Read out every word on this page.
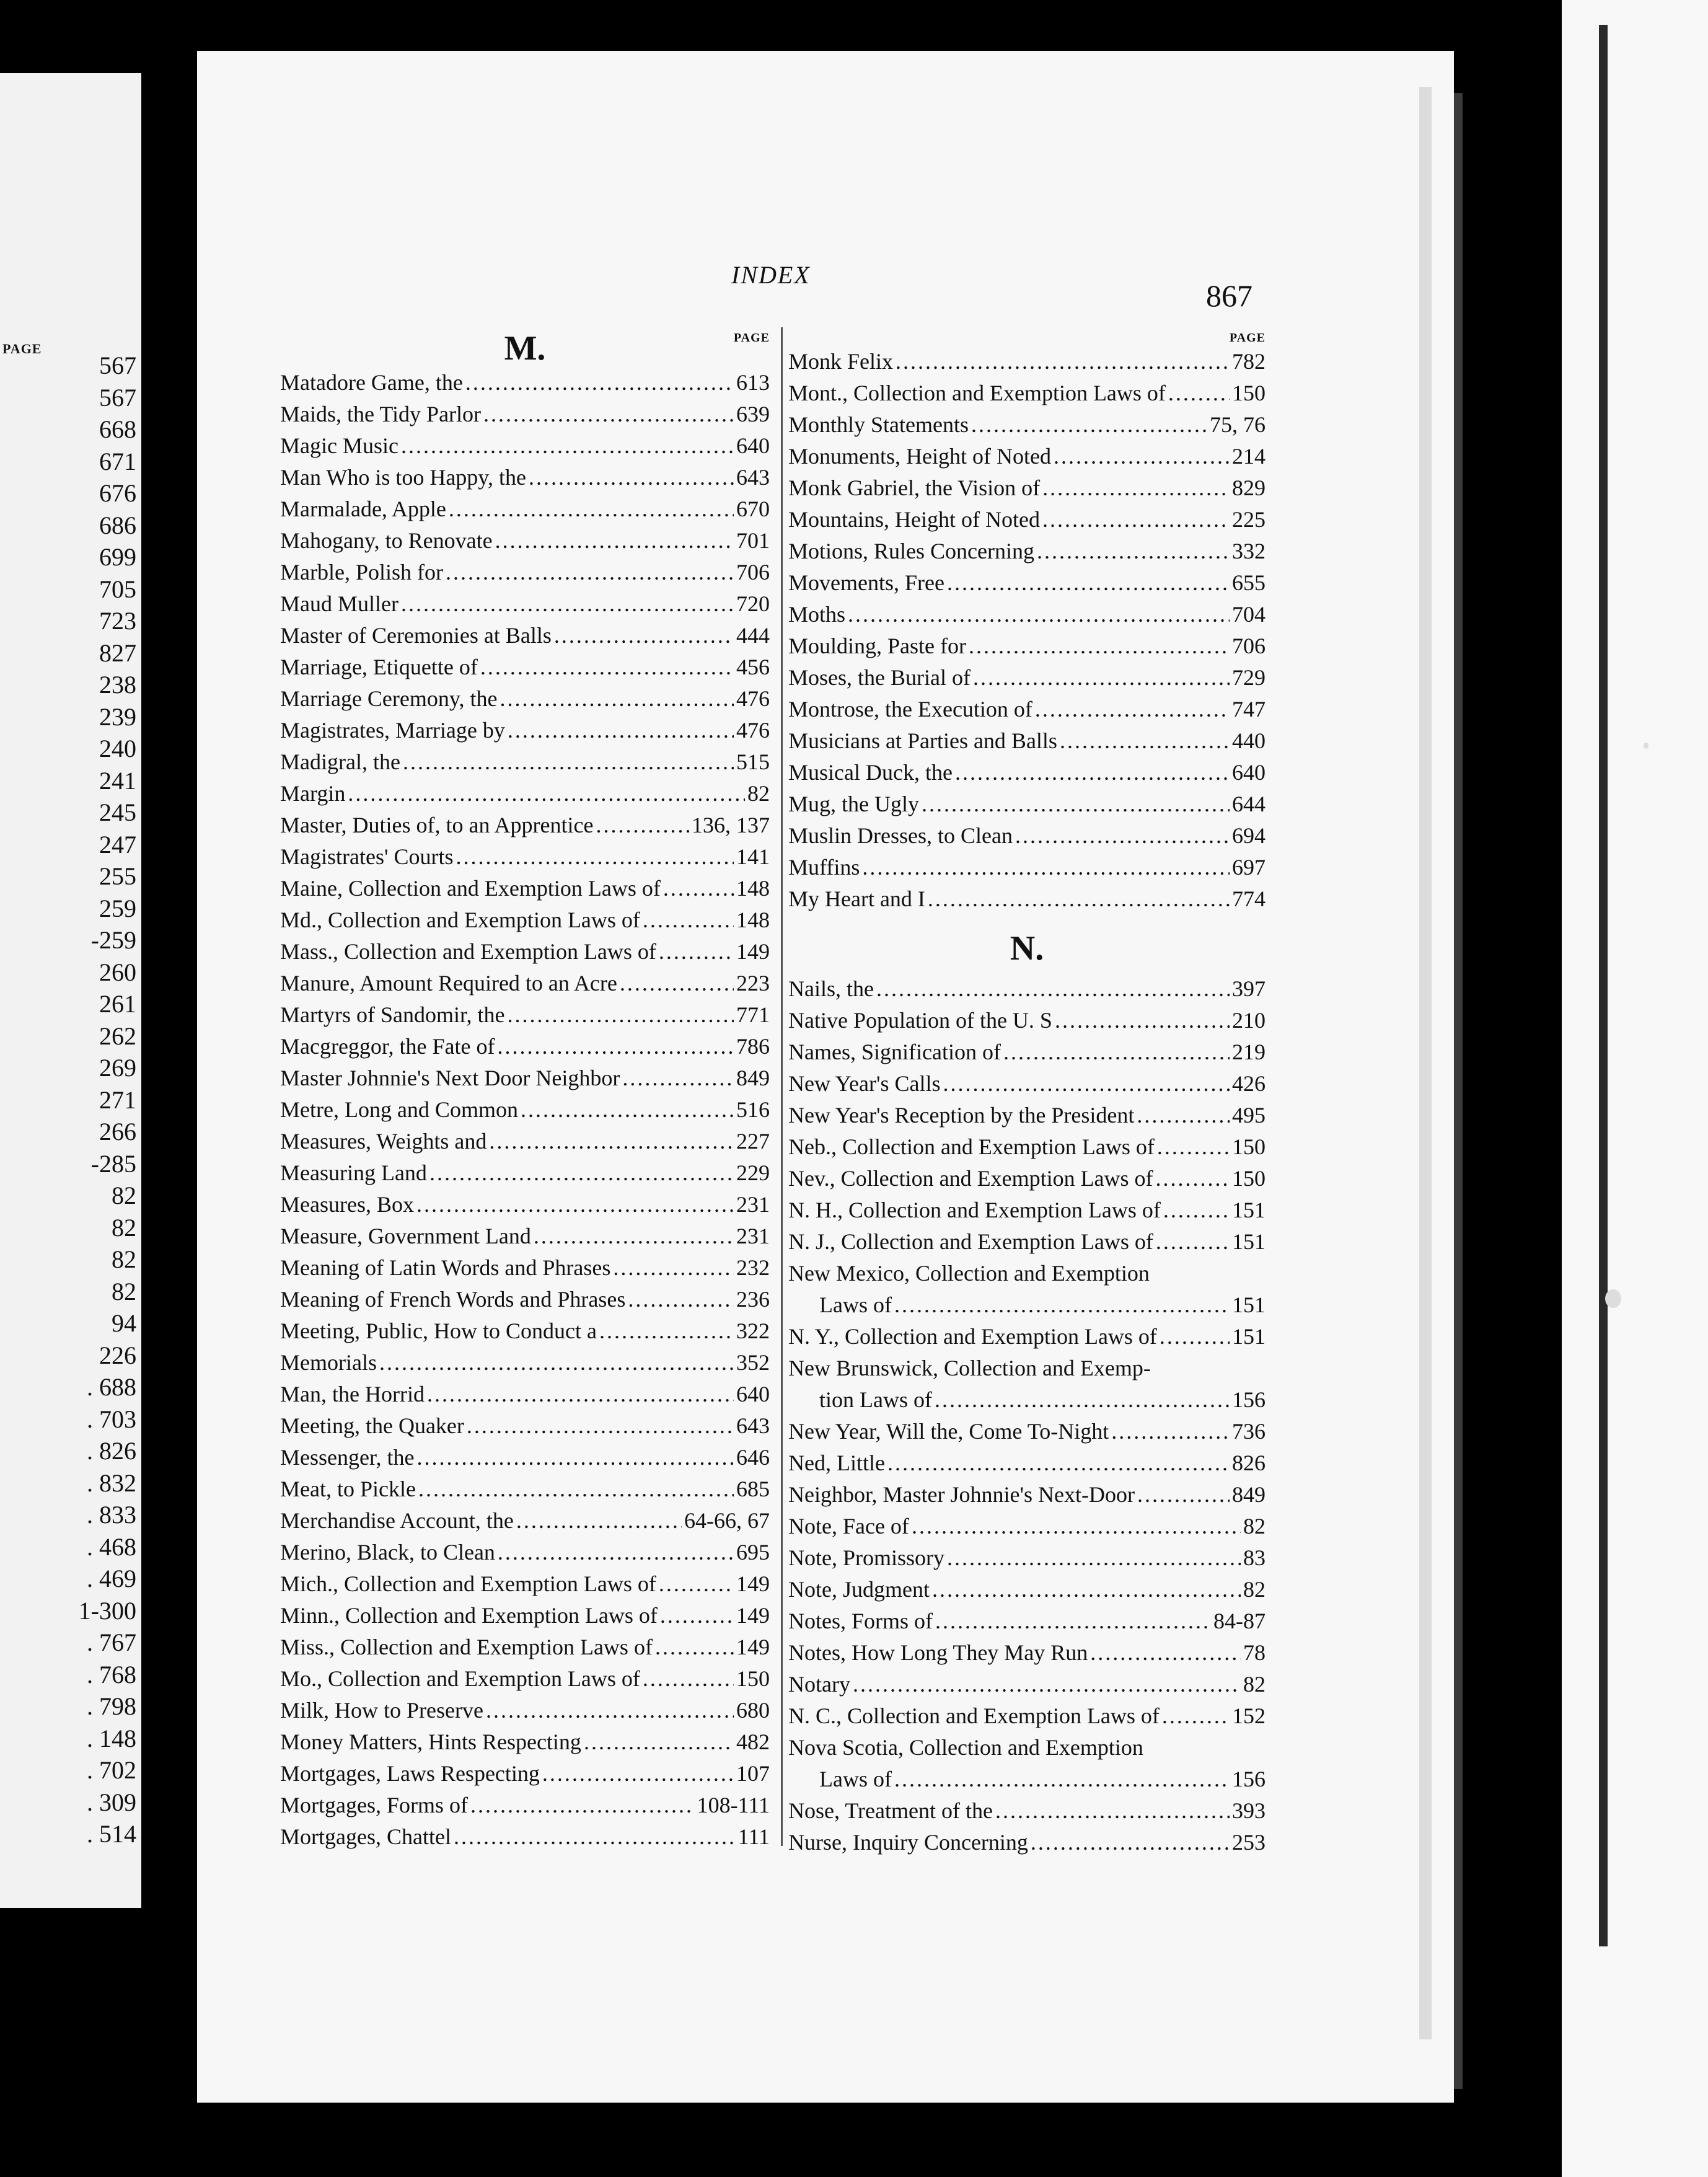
PAGE
567
567
668
671
676
686
699
705
723
827
238
239
240
241
245
247
255
259
-259
260
261
262
269
271
266
-285
82
82
82
82
94
226
. 688
. 703
. 826
. 832
. 833
. 468
. 469
1-300
. 767
. 768
. 798
. 148
. 702
. 309
. 514
INDEX
867
PAGE
M.
Matadore Game, the . . .	613
Maids, the Tidy Parlor . . .	639
Magic Music . . .	640
Man Who is too Happy, the . . .	643
Marmalade, Apple . . .	670
Mahogany, to Renovate . . .	701
Marble, Polish for . . .	706
Maud Muller . . .	720
Master of Ceremonies at Balls . . .	444
Marriage, Etiquette of . . .	456
Marriage Ceremony, the . . .	476
Magistrates, Marriage by . . .	476
Madigral, the . . .	515
Margin . . .	82
Master, Duties of, to an Apprentice . . .	136, 137
Magistrates' Courts . . .	141
Maine, Collection and Exemption Laws of . . .	148
Md., Collection and Exemption Laws of . . .	148
Mass., Collection and Exemption Laws of . . .	149
Manure, Amount Required to an Acre . . .	223
Martyrs of Sandomir, the . . .	771
Macgreggor, the Fate of . . .	786
Master Johnnie's Next Door Neighbor . . .	849
Metre, Long and Common . . .	516
Measures, Weights and . . .	227
Measuring Land . . .	229
Measures, Box . . .	231
Measure, Government Land . . .	231
Meaning of Latin Words and Phrases . . .	232
Meaning of French Words and Phrases . . .	236
Meeting, Public, How to Conduct a . . .	322
Memorials . . .	352
Man, the Horrid . . .	640
Meeting, the Quaker . . .	643
Messenger, the . . .	646
Meat, to Pickle . . .	685
Merchandise Account, the . . .	64-66, 67
Merino, Black, to Clean . . .	695
Mich., Collection and Exemption Laws of . . .	149
Minn., Collection and Exemption Laws of . . .	149
Miss., Collection and Exemption Laws of . . .	149
Mo., Collection and Exemption Laws of . . .	150
Milk, How to Preserve . . .	680
Money Matters, Hints Respecting . . .	482
Mortgages, Laws Respecting . . .	107
Mortgages, Forms of . . .	108-111
Mortgages, Chattel . . .	111
PAGE
Monk Felix . . .	782
Mont., Collection and Exemption Laws of . . .	150
Monthly Statements . . .	75, 76
Monuments, Height of Noted . . .	214
Monk Gabriel, the Vision of . . .	829
Mountains, Height of Noted . . .	225
Motions, Rules Concerning . . .	332
Movements, Free . . .	655
Moths . . .	704
Moulding, Paste for . . .	706
Moses, the Burial of . . .	729
Montrose, the Execution of . . .	747
Musicians at Parties and Balls . . .	440
Musical Duck, the . . .	640
Mug, the Ugly . . .	644
Muslin Dresses, to Clean . . .	694
Muffins . . .	697
My Heart and I . . .	774
N.
Nails, the . . .	397
Native Population of the U. S . . .	210
Names, Signification of . . .	219
New Year's Calls . . .	426
New Year's Reception by the President . . .	495
Neb., Collection and Exemption Laws of . . .	150
Nev., Collection and Exemption Laws of . . .	150
N. H., Collection and Exemption Laws of . . .	151
N. J., Collection and Exemption Laws of . . .	151
New Mexico, Collection and Exemption
Laws of . . .	151
N. Y., Collection and Exemption Laws of . . .	151
New Brunswick, Collection and Exemp-
tion Laws of . . .	156
New Year, Will the, Come To-Night . . .	736
Ned, Little . . .	826
Neighbor, Master Johnnie's Next-Door . . .	849
Note, Face of . . .	82
Note, Promissory . . .	83
Note, Judgment . . .	82
Notes, Forms of . . .	84-87
Notes, How Long They May Run . . .	78
Notary . . .	82
N. C., Collection and Exemption Laws of . . .	152
Nova Scotia, Collection and Exemption
Laws of . . .	156
Nose, Treatment of the . . .	393
Nurse, Inquiry Concerning . . .	253
